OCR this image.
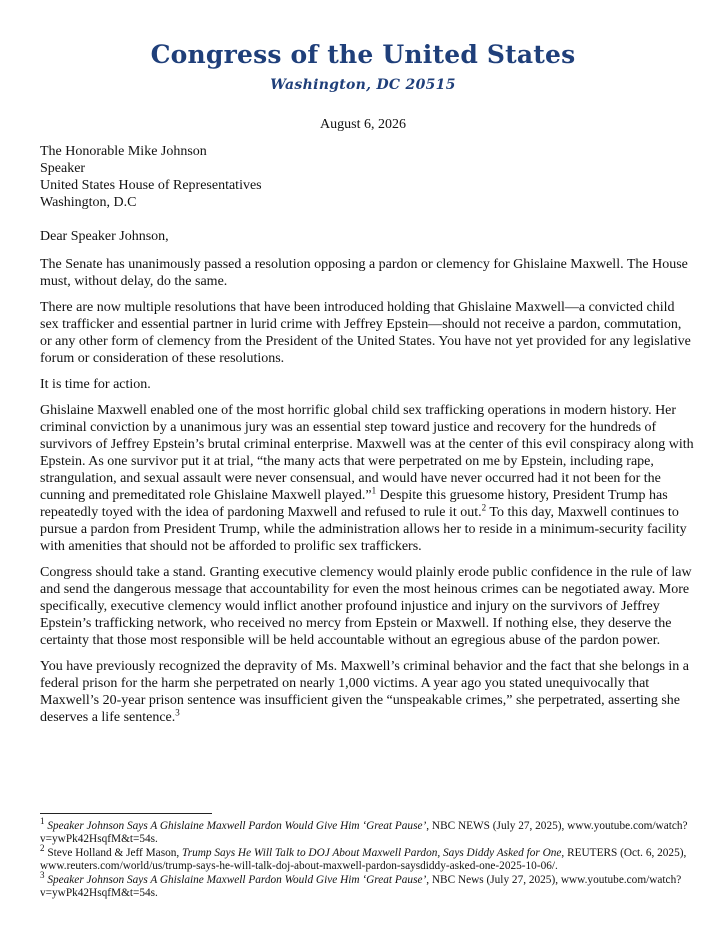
Congress of the United States
Washington, DC 20515
August 6, 2026
The Honorable Mike Johnson
Speaker
United States House of Representatives
Washington, D.C

Dear Speaker Johnson,

The Senate has unanimously passed a resolution opposing a pardon or clemency for Ghislaine Maxwell. The House must, without delay, do the same.

There are now multiple resolutions that have been introduced holding that Ghislaine Maxwell—a convicted child sex trafficker and essential partner in lurid crime with Jeffrey Epstein—should not receive a pardon, commutation, or any other form of clemency from the President of the United States. You have not yet provided for any legislative forum or consideration of these resolutions.

It is time for action.

Ghislaine Maxwell enabled one of the most horrific global child sex trafficking operations in modern history. Her criminal conviction by a unanimous jury was an essential step toward justice and recovery for the hundreds of survivors of Jeffrey Epstein’s brutal criminal enterprise. Maxwell was at the center of this evil conspiracy along with Epstein. As one survivor put it at trial, “the many acts that were perpetrated on me by Epstein, including rape, strangulation, and sexual assault were never consensual, and would have never occurred had it not been for the cunning and premeditated role Ghislaine Maxwell played.”$^1$ Despite this gruesome history, President Trump has repeatedly toyed with the idea of pardoning Maxwell and refused to rule it out.$^2$ To this day, Maxwell continues to pursue a pardon from President Trump, while the administration allows her to reside in a minimum-security facility with amenities that should not be afforded to prolific sex traffickers.

Congress should take a stand. Granting executive clemency would plainly erode public confidence in the rule of law and send the dangerous message that accountability for even the most heinous crimes can be negotiated away. More specifically, executive clemency would inflict another profound injustice and injury on the survivors of Jeffrey Epstein’s trafficking network, who received no mercy from Epstein or Maxwell. If nothing else, they deserve the certainty that those most responsible will be held accountable without an egregious abuse of the pardon power.

You have previously recognized the depravity of Ms. Maxwell’s criminal behavior and the fact that she belongs in a federal prison for the harm she perpetrated on nearly 1,000 victims. A year ago you stated unequivocally that Maxwell’s 20-year prison sentence was insufficient given the “unspeakable crimes,” she perpetrated, asserting she deserves a life sentence.$^3$

$^1$ Speaker Johnson Says A Ghislaine Maxwell Pardon Would Give Him ‘Great Pause’, NBC NEWS (July 27, 2025), www.youtube.com/watch?v=ywPk42HsqfM&t=54s.
$^2$ Steve Holland & Jeff Mason, Trump Says He Will Talk to DOJ About Maxwell Pardon, Says Diddy Asked for One, REUTERS (Oct. 6, 2025), www.reuters.com/world/us/trump-says-he-will-talk-doj-about-maxwell-pardon-saysdiddy-asked-one-2025-10-06/.
$^3$ Speaker Johnson Says A Ghislaine Maxwell Pardon Would Give Him ‘Great Pause’, NBC News (July 27, 2025), www.youtube.com/watch?v=ywPk42HsqfM&t=54s.
